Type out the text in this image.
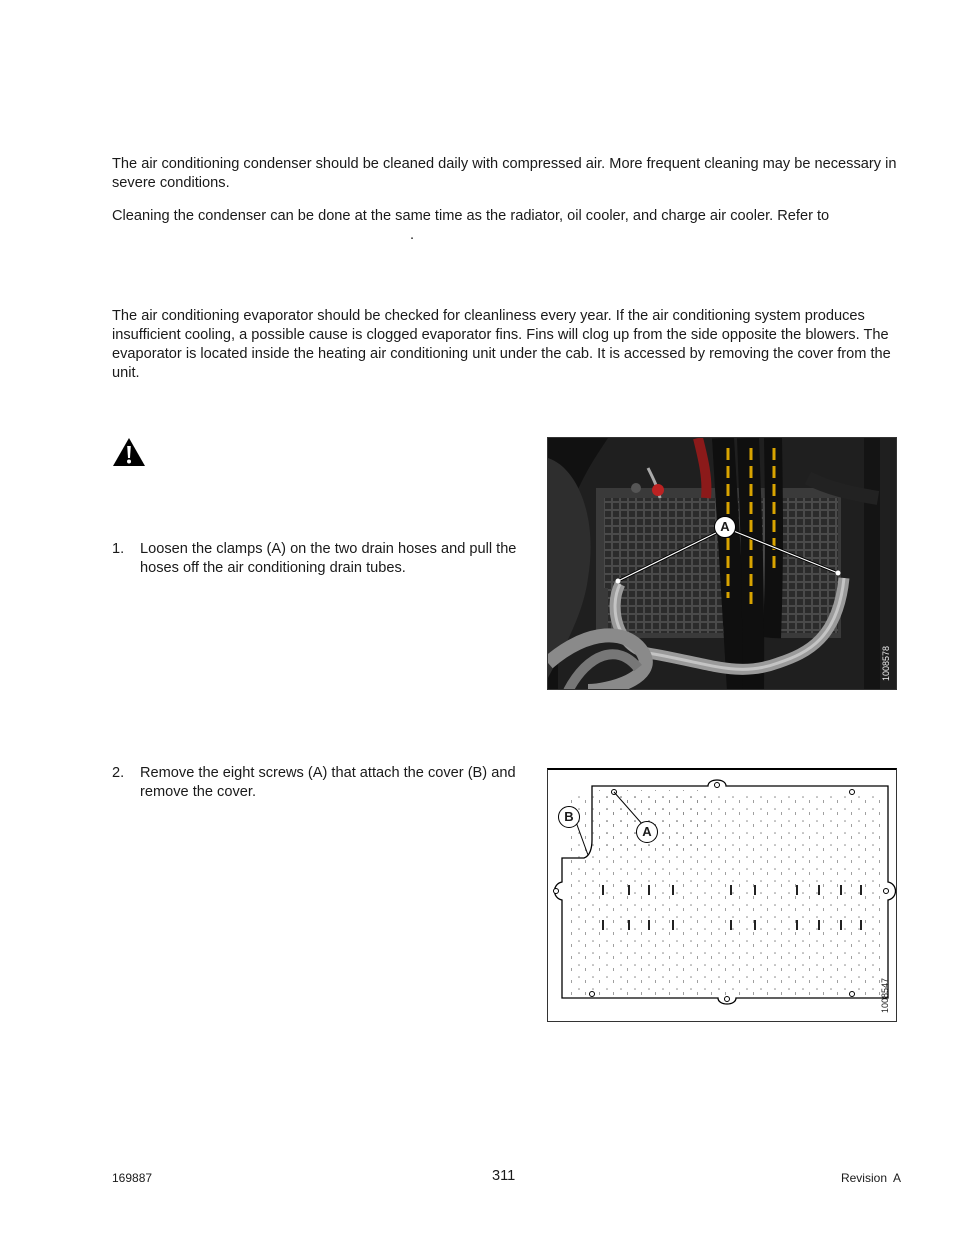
The air conditioning condenser should be cleaned daily with compressed air. More frequent cleaning may be necessary in severe conditions.

Cleaning the condenser can be done at the same time as the radiator, oil cooler, and charge air cooler. Refer to
.

The air conditioning evaporator should be checked for cleanliness every year. If the air conditioning system produces insufficient cooling, a possible cause is clogged evaporator fins. Fins will clog up from the side opposite the blowers. The evaporator is located inside the heating air conditioning unit under the cab. It is accessed by removing the cover from the unit.

1. Loosen the clamps (A) on the two drain hoses and pull the hoses off the air conditioning drain tubes.
2. Remove the eight screws (A) that attach the cover (B) and remove the cover.
A
1008578
B
A
1008547
169887	311	Revision  A
